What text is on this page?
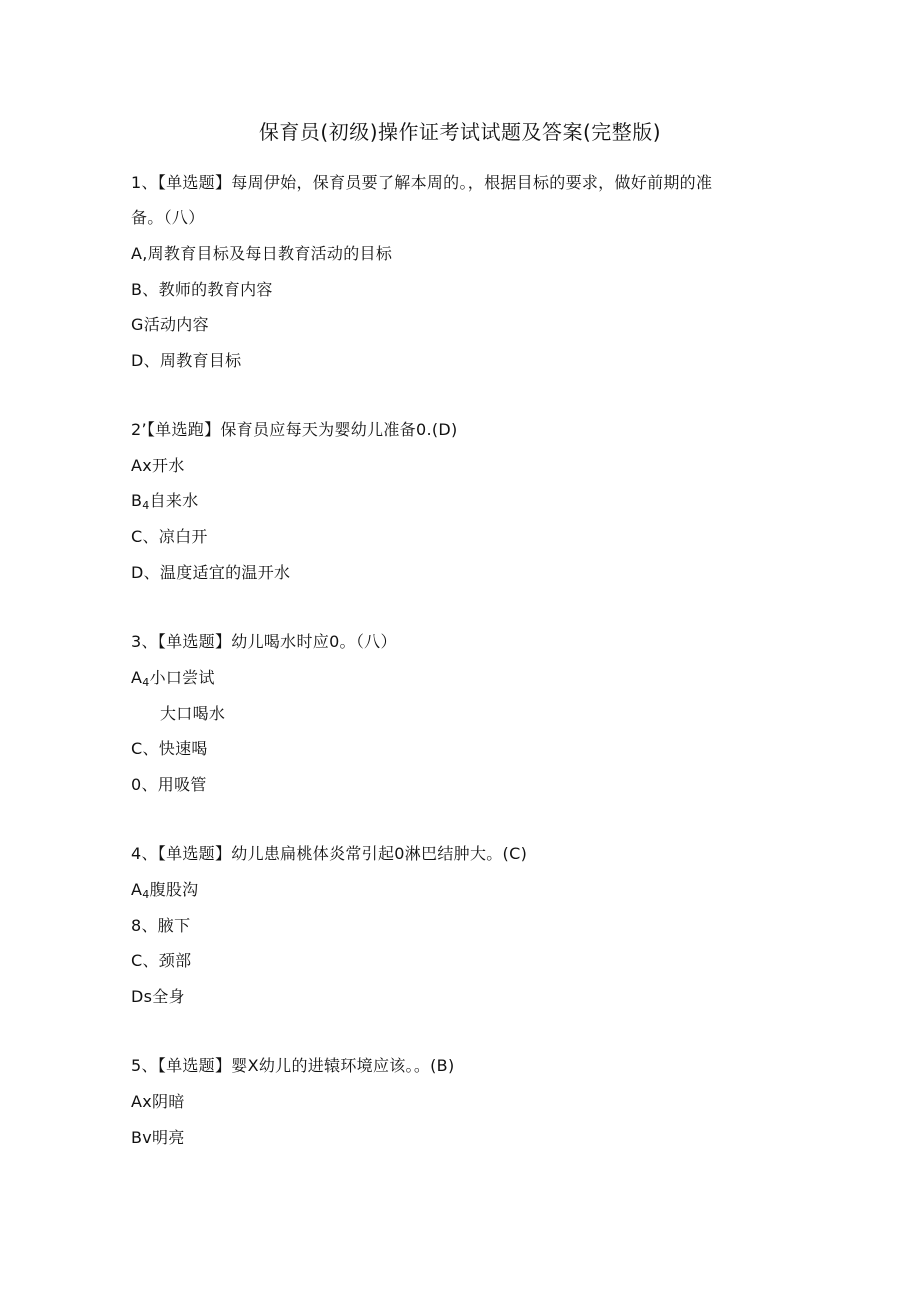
保育员(初级)操作证考试试题及答案(完整版)
1、【单选题】每周伊始，保育员要了解本周的。，根据目标的要求，做好前期的准
备。（八）
A,周教育目标及每日教育活动的目标
B、教师的教育内容
G活动内容
D、周教育目标
2’【单选跑】保育员应每天为婴幼儿准备0.(D)
Ax开水
$B_4$自来水
C、凉白开
D、温度适宜的温开水
3、【单选题】幼儿喝水时应0。（八）
$A_4$小口尝试
大口喝水
C、快速喝
0、用吸管
4、【单选题】幼儿患扁桃体炎常引起0淋巴结肿大。(C)
$A_4$腹股沟
8、腋下
C、颈部
Ds全身
5、【单选题】婴X幼儿的进辕环境应该。。(B)
Ax阴暗
Bv明亮
